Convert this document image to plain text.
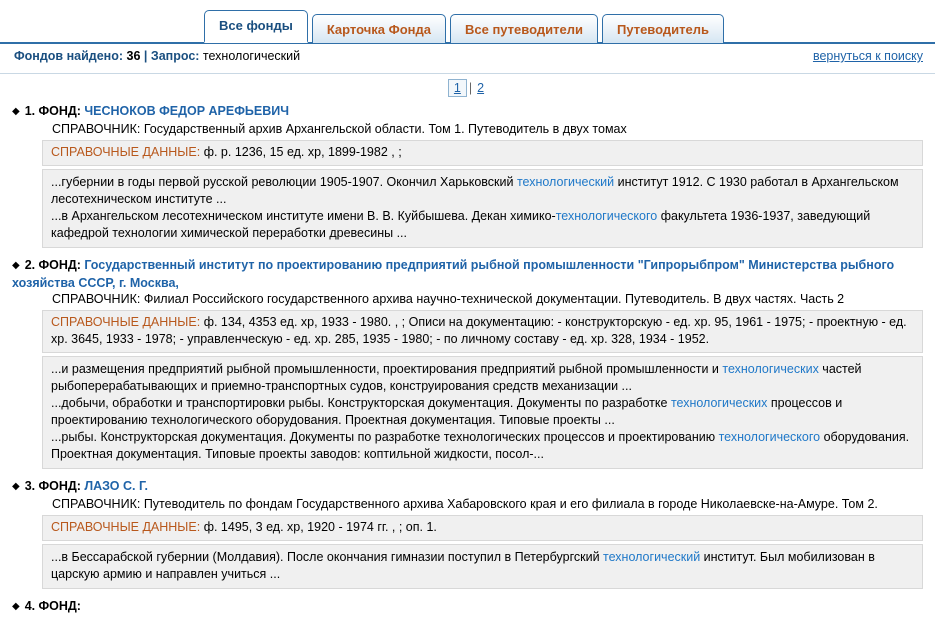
Все фонды	Карточка Фонда	Все путеводители	Путеводитель
Фондов найдено: 36 | Запрос: технологический	вернуться к поиску
1 | 2
◆ 1. ФОНД: ЧЕСНОКОВ ФЕДОР АРЕФЬЕВИЧ
СПРАВОЧНИК: Государственный архив Архангельской области. Том 1. Путеводитель в двух томах
СПРАВОЧНЫЕ ДАННЫЕ: ф. р. 1236, 15 ед. хр, 1899-1982 , ;
...губернии в годы первой русской революции 1905-1907. Окончил Харьковский технологический институт 1912. С 1930 работал в Архангельском лесотехническом институте ...
...в Архангельском лесотехническом институте имени В. В. Куйбышева. Декан химико-технологического факультета 1936-1937, заведующий кафедрой технологии химической переработки древесины ...
◆ 2. ФОНД: Государственный институт по проектированию предприятий рыбной промышленности "Гипрорыбпром" Министерства рыбного хозяйства СССР, г. Москва,
СПРАВОЧНИК: Филиал Российского государственного архива научно-технической документации. Путеводитель. В двух частях. Часть 2
СПРАВОЧНЫЕ ДАННЫЕ: ф. 134, 4353 ед. хр, 1933 - 1980. , ; Описи на документацию: - конструкторскую - ед. хр. 95, 1961 - 1975; - проектную - ед. хр. 3645, 1933 - 1978; - управленческую - ед. хр. 285, 1935 - 1980; - по личному составу - ед. хр. 328, 1934 - 1952.
...и размещения предприятий рыбной промышленности, проектирования предприятий рыбной промышленности и технологических частей рыбоперерабатывающих и приемно-транспортных судов, конструирования средств механизации ...
...добычи, обработки и транспортировки рыбы. Конструкторская документация. Документы по разработке технологических процессов и проектированию технологического оборудования. Проектная документация. Типовые проекты ...
...рыбы. Конструкторская документация. Документы по разработке технологических процессов и проектированию технологического оборудования. Проектная документация. Типовые проекты заводов: коптильной жидкости, посол-...
◆ 3. ФОНД: ЛАЗО С. Г.
СПРАВОЧНИК: Путеводитель по фондам Государственного архива Хабаровского края и его филиала в городе Николаевске-на-Амуре. Том 2.
СПРАВОЧНЫЕ ДАННЫЕ: ф. 1495, 3 ед. хр, 1920 - 1974 гг. , ; оп. 1.
...в Бессарабской губернии (Молдавия). После окончания гимназии поступил в Петербургский технологический институт. Был мобилизован в царскую армию и направлен учиться ...
◆ 4. ФОНД:
